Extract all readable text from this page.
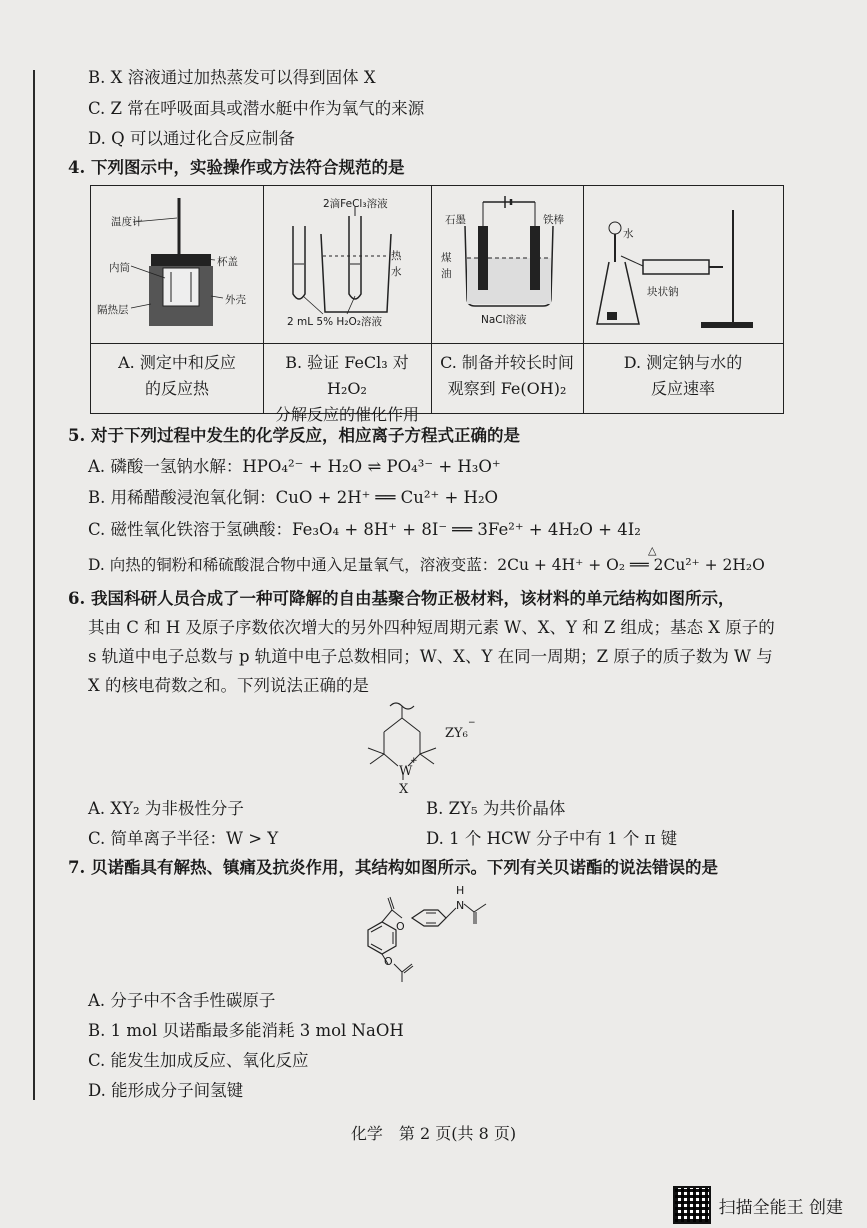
B. X 溶液通过加热蒸发可以得到固体 X
C. Z 常在呼吸面具或潜水艇中作为氧气的来源
D. Q 可以通过化合反应制备
4. 下列图示中，实验操作或方法符合规范的是
温度计
内筒	杯盖
外壳
隔热层
2滴FeCl₃溶液
热
水
2 mL 5% H₂O₂溶液
石墨	铁棒
煤
油
NaCl溶液
水
块状钠
A. 测定中和反应
的反应热
B. 验证 FeCl₃ 对 H₂O₂
分解反应的催化作用
C. 制备并较长时间
观察到 Fe(OH)₂
D. 测定钠与水的
反应速率
5. 对于下列过程中发生的化学反应，相应离子方程式正确的是
A. 磷酸一氢钠水解：HPO₄²⁻ + H₂O ⇌ PO₄³⁻ + H₃O⁺
B. 用稀醋酸浸泡氧化铜：CuO + 2H⁺ ══ Cu²⁺ + H₂O
C. 磁性氧化铁溶于氢碘酸：Fe₃O₄ + 8H⁺ + 8I⁻ ══ 3Fe²⁺ + 4H₂O + 4I₂
△
D. 向热的铜粉和稀硫酸混合物中通入足量氧气，溶液变蓝：2Cu + 4H⁺ + O₂ ══ 2Cu²⁺ + 2H₂O
6. 我国科研人员合成了一种可降解的自由基聚合物正极材料，该材料的单元结构如图所示，
其由 C 和 H 及原子序数依次增大的另外四种短周期元素 W、X、Y 和 Z 组成；基态 X 原子的
s 轨道中电子总数与 p 轨道中电子总数相同；W、X、Y 在同一周期；Z 原子的质子数为 W 与
X 的核电荷数之和。下列说法正确的是
W
+
X
ZY₆
−
A. XY₂ 为非极性分子	B. ZY₅ 为共价晶体
C. 简单离子半径：W > Y	D. 1 个 HCW 分子中有 1 个 π 键
7. 贝诺酯具有解热、镇痛及抗炎作用，其结构如图所示。下列有关贝诺酯的说法错误的是
H
N
O
O
A. 分子中不含手性碳原子
B. 1 mol 贝诺酯最多能消耗 3 mol NaOH
C. 能发生加成反应、氧化反应
D. 能形成分子间氢键
化学　第 2 页(共 8 页)
扫描全能王 创建
